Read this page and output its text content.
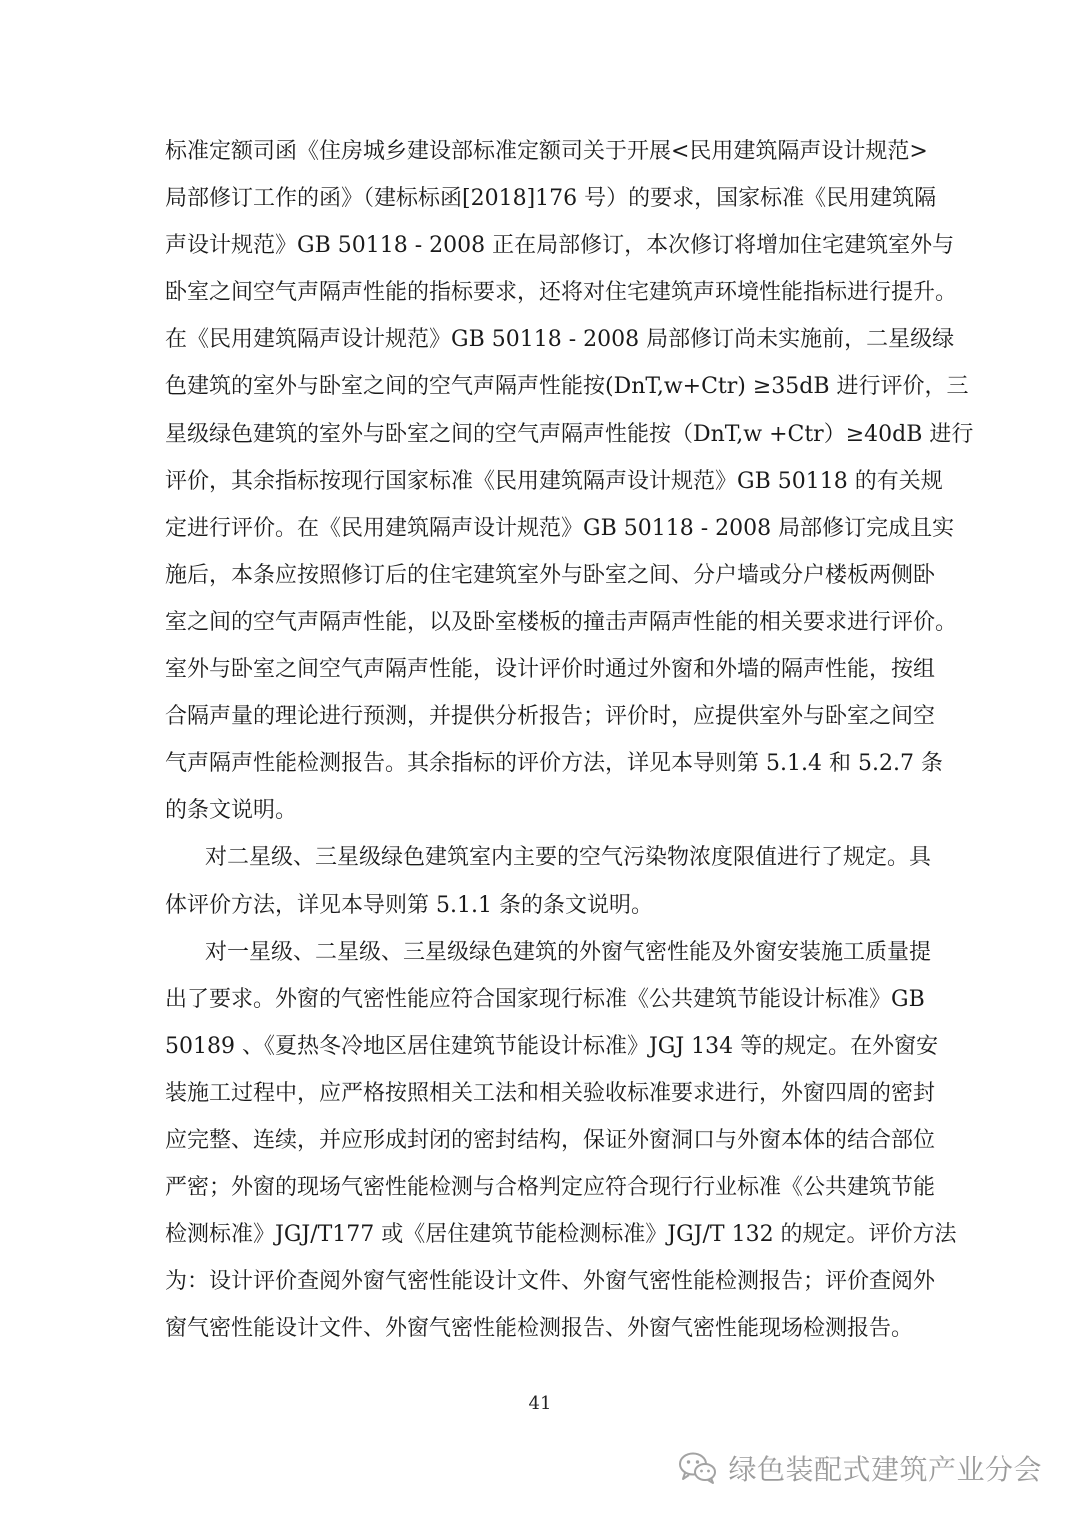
标准定额司函《住房城乡建设部标准定额司关于开展<民用建筑隔声设计规范>
局部修订工作的函》（建标标函[2018]176 号）的要求，国家标准《民用建筑隔
声设计规范》GB 50118 - 2008 正在局部修订，本次修订将增加住宅建筑室外与
卧室之间空气声隔声性能的指标要求，还将对住宅建筑声环境性能指标进行提升。
在《民用建筑隔声设计规范》GB 50118 - 2008 局部修订尚未实施前，二星级绿
色建筑的室外与卧室之间的空气声隔声性能按(DnT,w+Ctr) ≥35dB 进行评价，三
星级绿色建筑的室外与卧室之间的空气声隔声性能按（DnT,w +Ctr）≥40dB 进行
评价，其余指标按现行国家标准《民用建筑隔声设计规范》GB 50118 的有关规
定进行评价。在《民用建筑隔声设计规范》GB 50118 - 2008 局部修订完成且实
施后，本条应按照修订后的住宅建筑室外与卧室之间、分户墙或分户楼板两侧卧
室之间的空气声隔声性能，以及卧室楼板的撞击声隔声性能的相关要求进行评价。
室外与卧室之间空气声隔声性能，设计评价时通过外窗和外墙的隔声性能，按组
合隔声量的理论进行预测，并提供分析报告；评价时，应提供室外与卧室之间空
气声隔声性能检测报告。其余指标的评价方法，详见本导则第 5.1.4 和 5.2.7 条
的条文说明。
对二星级、三星级绿色建筑室内主要的空气污染物浓度限值进行了规定。具
体评价方法，详见本导则第 5.1.1 条的条文说明。
对一星级、二星级、三星级绿色建筑的外窗气密性能及外窗安装施工质量提
出了要求。外窗的气密性能应符合国家现行标准《公共建筑节能设计标准》GB
50189 、《夏热冬冷地区居住建筑节能设计标准》JGJ 134 等的规定。在外窗安
装施工过程中，应严格按照相关工法和相关验收标准要求进行，外窗四周的密封
应完整、连续，并应形成封闭的密封结构，保证外窗洞口与外窗本体的结合部位
严密；外窗的现场气密性能检测与合格判定应符合现行行业标准《公共建筑节能
检测标准》JGJ/T177 或《居住建筑节能检测标准》JGJ/T 132 的规定。评价方法
为：设计评价查阅外窗气密性能设计文件、外窗气密性能检测报告；评价查阅外
窗气密性能设计文件、外窗气密性能检测报告、外窗气密性能现场检测报告。
41
绿色装配式建筑产业分会
